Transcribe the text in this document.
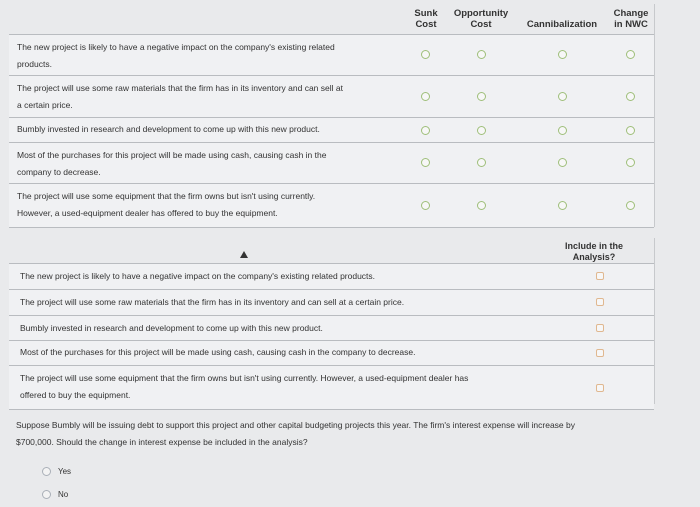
Sunk
Cost
Opportunity
Cost	Cannibalization
Change
in NWC
The new project is likely to have a negative impact on the company's existing related
products.
The project will use some raw materials that the firm has in its inventory and can sell at
a certain price.
Bumbly invested in research and development to come up with this new product.
Most of the purchases for this project will be made using cash, causing cash in the
company to decrease.
The project will use some equipment that the firm owns but isn't using currently.
However, a used-equipment dealer has offered to buy the equipment.
Include in the
Analysis?
The new project is likely to have a negative impact on the company's existing related products.
The project will use some raw materials that the firm has in its inventory and can sell at a certain price.
Bumbly invested in research and development to come up with this new product.
Most of the purchases for this project will be made using cash, causing cash in the company to decrease.
The project will use some equipment that the firm owns but isn't using currently. However, a used-equipment dealer has
offered to buy the equipment.
Suppose Bumbly will be issuing debt to support this project and other capital budgeting projects this year. The firm's interest expense will increase by
$700,000. Should the change in interest expense be included in the analysis?
Yes
No
